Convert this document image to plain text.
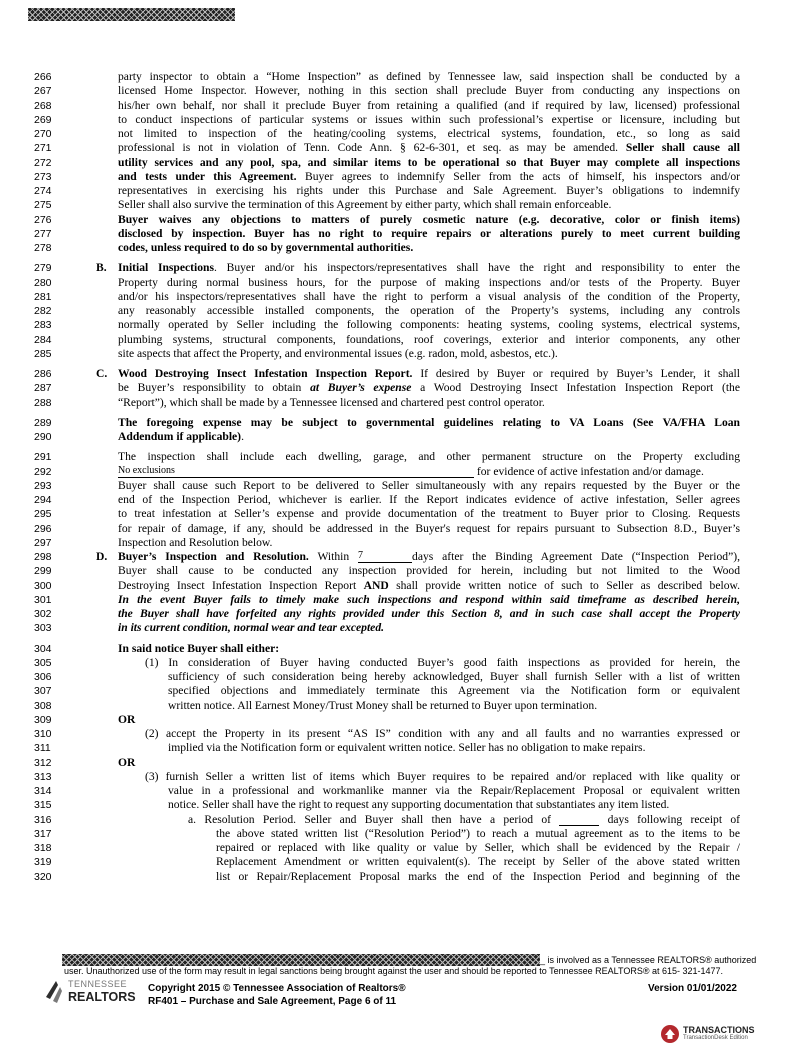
266	party inspector to obtain a “Home Inspection” as defined by Tennessee law, said inspection shall be conducted by a
267	licensed Home Inspector. However, nothing in this section shall preclude Buyer from conducting any inspections on
268	his/her own behalf, nor shall it preclude Buyer from retaining a qualified (and if required by law, licensed) professional
269	to conduct inspections of particular systems or issues within such professional’s expertise or licensure, including but
270	not limited to inspection of the heating/cooling systems, electrical systems, foundation, etc., so long as said
271	professional is not in violation of Tenn. Code Ann. § 62-6-301, et seq. as may be amended. Seller shall cause all
272	utility services and any pool, spa, and similar items to be operational so that Buyer may complete all inspections
273	and tests under this Agreement. Buyer agrees to indemnify Seller from the acts of himself, his inspectors and/or
274	representatives in exercising his rights under this Purchase and Sale Agreement. Buyer’s obligations to indemnify
275	Seller shall also survive the termination of this Agreement by either party, which shall remain enforceable.
276	Buyer waives any objections to matters of purely cosmetic nature (e.g. decorative, color or finish items)
277	disclosed by inspection. Buyer has no right to require repairs or alterations purely to meet current building
278	codes, unless required to do so by governmental authorities.
279	B. Initial Inspections. Buyer and/or his inspectors/representatives shall have the right and responsibility to enter the
280	Property during normal business hours, for the purpose of making inspections and/or tests of the Property. Buyer
281	and/or his inspectors/representatives shall have the right to perform a visual analysis of the condition of the Property,
282	any reasonably accessible installed components, the operation of the Property’s systems, including any controls
283	normally operated by Seller including the following components: heating systems, cooling systems, electrical systems,
284	plumbing systems, structural components, foundations, roof coverings, exterior and interior components, any other
285	site aspects that affect the Property, and environmental issues (e.g. radon, mold, asbestos, etc.).
286	C. Wood Destroying Insect Infestation Inspection Report. If desired by Buyer or required by Buyer’s Lender, it shall
287	be Buyer’s responsibility to obtain at Buyer’s expense a Wood Destroying Insect Infestation Inspection Report (the
288	“Report”), which shall be made by a Tennessee licensed and chartered pest control operator.
289	The foregoing expense may be subject to governmental guidelines relating to VA Loans (See VA/FHA Loan
290	Addendum if applicable).
291	The inspection shall include each dwelling, garage, and other permanent structure on the Property excluding
292	No exclusions	for evidence of active infestation and/or damage.
293	Buyer shall cause such Report to be delivered to Seller simultaneously with any repairs requested by the Buyer or the
294	end of the Inspection Period, whichever is earlier. If the Report indicates evidence of active infestation, Seller agrees
295	to treat infestation at Seller’s expense and provide documentation of the treatment to Buyer prior to Closing. Requests
296	for repair of damage, if any, should be addressed in the Buyer's request for repairs pursuant to Subsection 8.D., Buyer’s
297	Inspection and Resolution below.
298	D. Buyer’s Inspection and Resolution. Within 7	days after the Binding Agreement Date (“Inspection Period”),
299	Buyer shall cause to be conducted any inspection provided for herein, including but not limited to the Wood
300	Destroying Insect Infestation Inspection Report AND shall provide written notice of such to Seller as described below.
301	In the event Buyer fails to timely make such inspections and respond within said timeframe as described herein,
302	the Buyer shall have forfeited any rights provided under this Section 8, and in such case shall accept the Property
303	in its current condition, normal wear and tear excepted.
304	In said notice Buyer shall either:
305	(1) In consideration of Buyer having conducted Buyer’s good faith inspections as provided for herein, the
306	sufficiency of such consideration being hereby acknowledged, Buyer shall furnish Seller with a list of written
307	specified objections and immediately terminate this Agreement via the Notification form or equivalent
308	written notice. All Earnest Money/Trust Money shall be returned to Buyer upon termination.
309	OR
310	(2) accept the Property in its present “AS IS” condition with any and all faults and no warranties expressed or
311	implied via the Notification form or equivalent written notice. Seller has no obligation to make repairs.
312	OR
313	(3) furnish Seller a written list of items which Buyer requires to be repaired and/or replaced with like quality or
314	value in a professional and workmanlike manner via the Repair/Replacement Proposal or equivalent written
315	notice. Seller shall have the right to request any supporting documentation that substantiates any item listed.
316	a. Resolution Period. Seller and Buyer shall then have a period of	days following receipt of
317	the above stated written list (“Resolution Period”) to reach a mutual agreement as to the items to be
318	repaired or replaced with like quality or value by Seller, which shall be evidenced by the Repair /
319	Replacement Amendment or written equivalent(s). The receipt by Seller of the above stated written
320	list or Repair/Replacement Proposal marks the end of the Inspection Period and beginning of the
_ is involved as a Tennessee REALTORS® authorized
user. Unauthorized use of the form may result in legal sanctions being brought against the user and should be reported to Tennessee REALTORS® at 615- 321-1477.
TENNESSEE
REALTORS
Copyright 2015 © Tennessee Association of Realtors®
RF401 – Purchase and Sale Agreement, Page 6 of 11
Version 01/01/2022
TRANSACTIONS
TransactionDesk Edition
